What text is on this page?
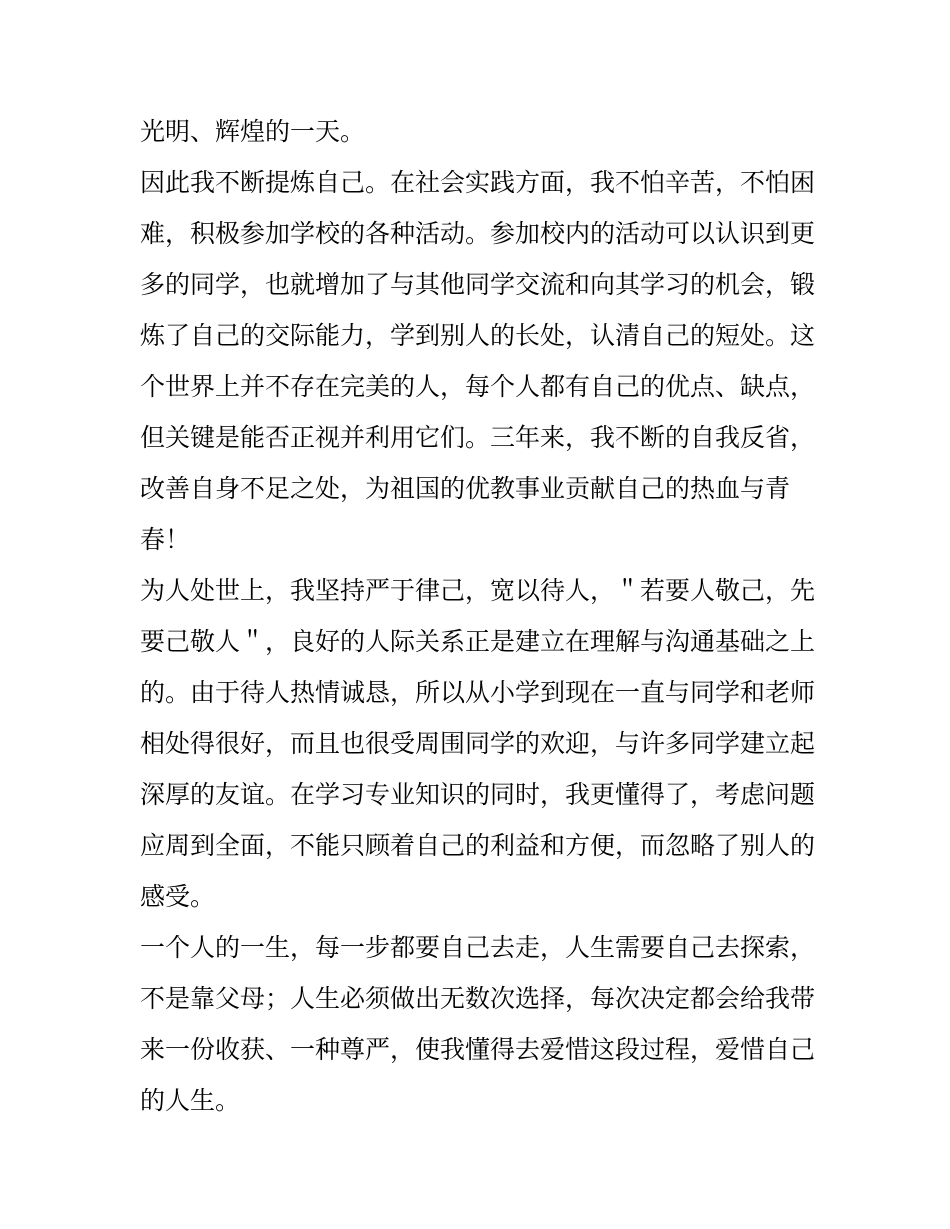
光明、辉煌的一天。
因此我不断提炼自己。在社会实践方面，我不怕辛苦，不怕困
难，积极参加学校的各种活动。参加校内的活动可以认识到更
多的同学，也就增加了与其他同学交流和向其学习的机会，锻
炼了自己的交际能力，学到别人的长处，认清自己的短处。这
个世界上并不存在完美的人，每个人都有自己的优点、缺点，
但关键是能否正视并利用它们。三年来，我不断的自我反省，
改善自身不足之处，为祖国的优教事业贡献自己的热血与青
春！
为人处世上，我坚持严于律己，宽以待人，＂若要人敬己，先
要己敬人＂，良好的人际关系正是建立在理解与沟通基础之上
的。由于待人热情诚恳，所以从小学到现在一直与同学和老师
相处得很好，而且也很受周围同学的欢迎，与许多同学建立起
深厚的友谊。在学习专业知识的同时，我更懂得了，考虑问题
应周到全面，不能只顾着自己的利益和方便，而忽略了别人的
感受。
一个人的一生，每一步都要自己去走，人生需要自己去探索，
不是靠父母；人生必须做出无数次选择，每次决定都会给我带
来一份收获、一种尊严，使我懂得去爱惜这段过程，爱惜自己
的人生。
